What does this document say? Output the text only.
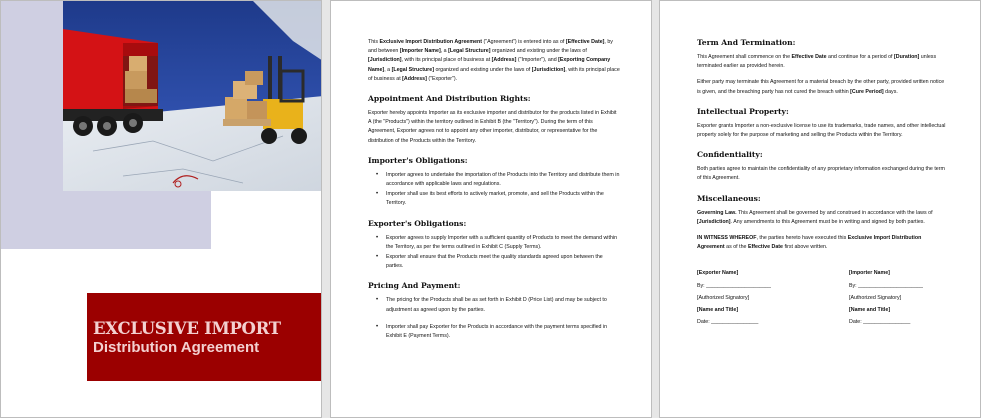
EXCLUSIVE IMPORT
Distribution Agreement

This Exclusive Import Distribution Agreement ("Agreement") is entered into as of [Effective Date], by and between [Importer Name], a [Legal Structure] organized and existing under the laws of [Jurisdiction], with its principal place of business at [Address] ("Importer"), and [Exporting Company Name], a [Legal Structure] organized and existing under the laws of [Jurisdiction], with its principal place of business at [Address] ("Exporter").

Appointment And Distribution Rights:

Exporter hereby appoints Importer as its exclusive importer and distributor for the products listed in Exhibit A (the "Products") within the territory outlined in Exhibit B (the "Territory"). During the term of this Agreement, Exporter agrees not to appoint any other importer, distributor, or representative for the distribution of the Products within the Territory.

Importer's Obligations:
• Importer agrees to undertake the importation of the Products into the Territory and distribute them in accordance with applicable laws and regulations.
• Importer shall use its best efforts to actively market, promote, and sell the Products within the Territory.
Exporter's Obligations:
• Exporter agrees to supply Importer with a sufficient quantity of Products to meet the demand within the Territory, as per the terms outlined in Exhibit C (Supply Terms).
• Exporter shall ensure that the Products meet the quality standards agreed upon between the parties.
Pricing And Payment:
• The pricing for the Products shall be as set forth in Exhibit D (Price List) and may be subject to adjustment as agreed upon by the parties.
• Importer shall pay Exporter for the Products in accordance with the payment terms specified in Exhibit E (Payment Terms).
Term And Termination:

This Agreement shall commence on the Effective Date and continue for a period of [Duration] unless terminated earlier as provided herein.

Either party may terminate this Agreement for a material breach by the other party, provided written notice is given, and the breaching party has not cured the breach within [Cure Period] days.

Intellectual Property:

Exporter grants Importer a non-exclusive license to use its trademarks, trade names, and other intellectual property solely for the purpose of marketing and selling the Products within the Territory.

Confidentiality:

Both parties agree to maintain the confidentiality of any proprietary information exchanged during the term of this Agreement.

Miscellaneous:

Governing Law. This Agreement shall be governed by and construed in accordance with the laws of [Jurisdiction]. Any amendments to this Agreement must be in writing and signed by both parties.

IN WITNESS WHEREOF, the parties hereto have executed this Exclusive Import Distribution Agreement as of the Effective Date first above written.

[Exporter Name]
By: ______________________
[Authorized Signatory]
[Name and Title]
Date: ________________
[Importer Name]
By: ______________________
[Authorized Signatory]
[Name and Title]
Date: ________________
